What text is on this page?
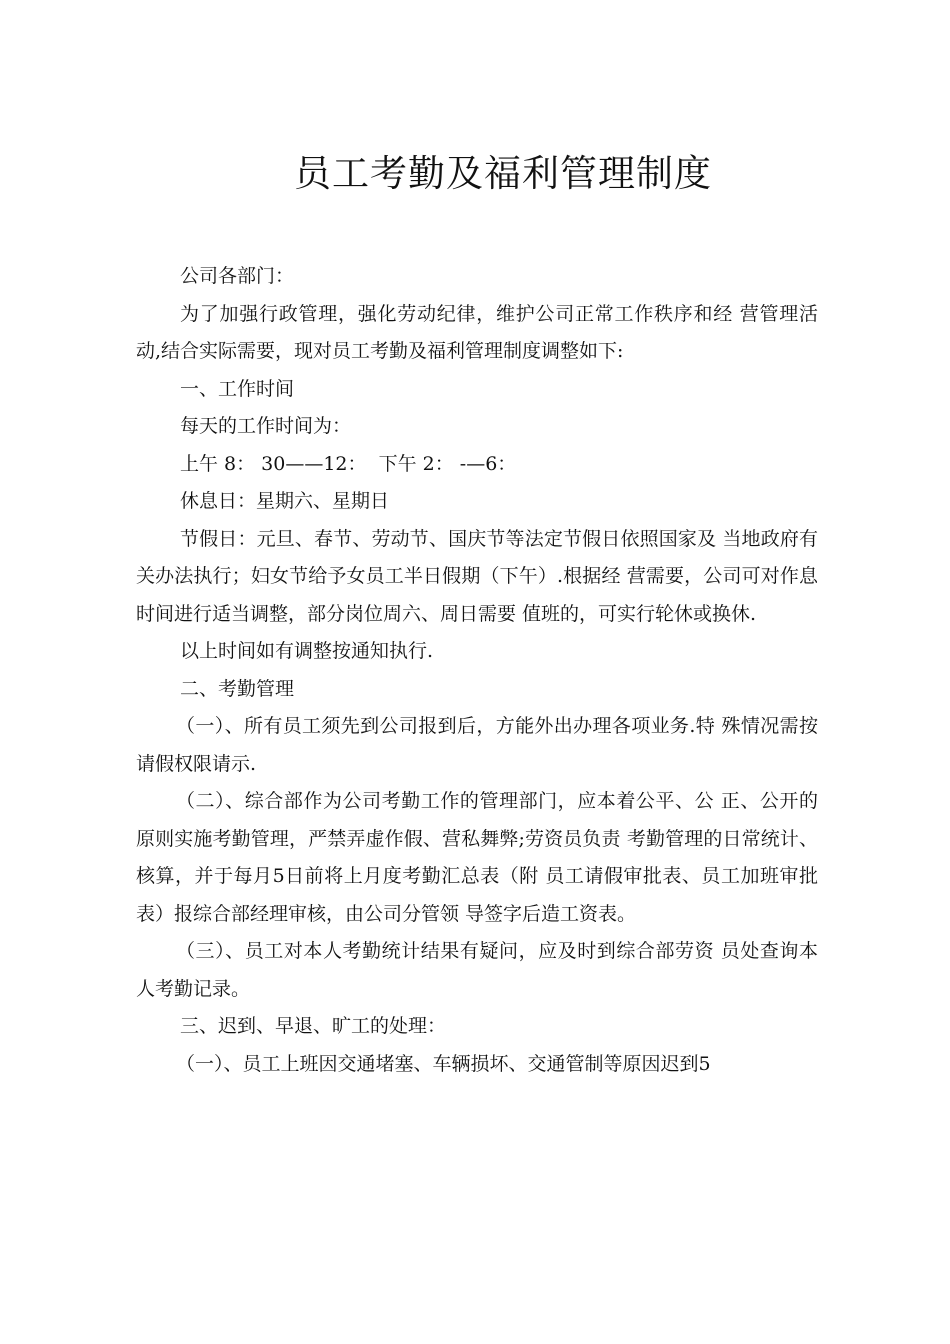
员工考勤及福利管理制度

公司各部门：

为了加强行政管理，强化劳动纪律，维护公司正常工作秩序和经 营管理活动,结合实际需要，现对员工考勤及福利管理制度调整如下:

一、工作时间

每天的工作时间为：

上午 8： 30——12：  下午 2： -—6：

休息日：星期六、星期日

节假日：元旦、春节、劳动节、国庆节等法定节假日依照国家及 当地政府有关办法执行；妇女节给予女员工半日假期（下午）.根据经 营需要，公司可对作息时间进行适当调整，部分岗位周六、周日需要 值班的，可实行轮休或换休.

以上时间如有调整按通知执行.

二、考勤管理

（一）、所有员工须先到公司报到后，方能外出办理各项业务.特 殊情况需按请假权限请示.

（二）、综合部作为公司考勤工作的管理部门，应本着公平、公 正、公开的原则实施考勤管理，严禁弄虚作假、营私舞弊;劳资员负责 考勤管理的日常统计、核算，并于每月5日前将上月度考勤汇总表（附 员工请假审批表、员工加班审批表）报综合部经理审核，由公司分管领 导签字后造工资表。

（三）、员工对本人考勤统计结果有疑问，应及时到综合部劳资 员处查询本人考勤记录。

三、迟到、早退、旷工的处理：

（一）、员工上班因交通堵塞、车辆损坏、交通管制等原因迟到5
